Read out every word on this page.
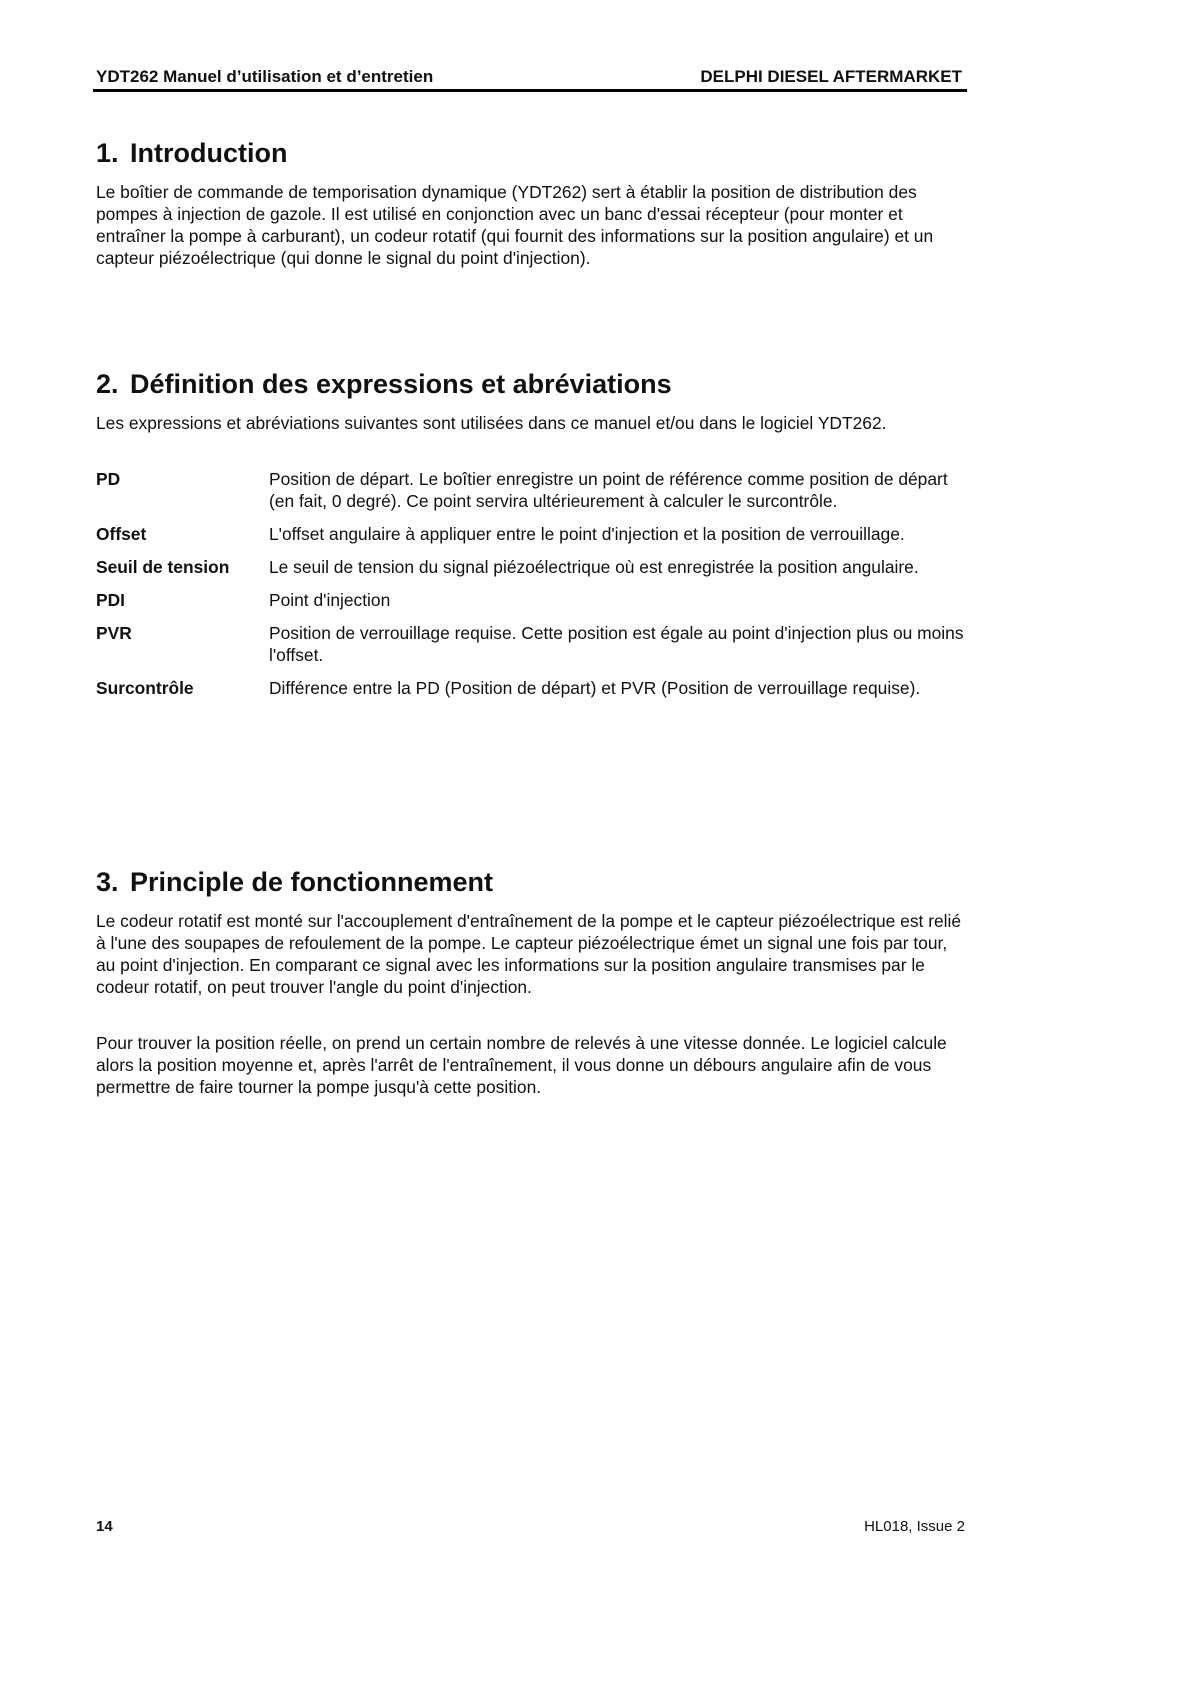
YDT262 Manuel d’utilisation et d’entretien	DELPHI DIESEL AFTERMARKET
1. Introduction

Le boîtier de commande de temporisation dynamique (YDT262) sert à établir la position de distribution des pompes à injection de gazole. Il est utilisé en conjonction avec un banc d'essai récepteur (pour monter et entraîner la pompe à carburant), un codeur rotatif (qui fournit des informations sur la position angulaire) et un capteur piézoélectrique (qui donne le signal du point d'injection).

2. Définition des expressions et abréviations

Les expressions et abréviations suivantes sont utilisées dans ce manuel et/ou dans le logiciel YDT262.

PD	Position de départ. Le boîtier enregistre un point de référence comme position de départ (en fait, 0 degré). Ce point servira ultérieurement à calculer le surcontrôle.
Offset	L'offset angulaire à appliquer entre le point d'injection et la position de verrouillage.
Seuil de tension	Le seuil de tension du signal piézoélectrique où est enregistrée la position angulaire.
PDI	Point d'injection
PVR	Position de verrouillage requise. Cette position est égale au point d'injection plus ou moins l'offset.
Surcontrôle	Différence entre la PD (Position de départ) et PVR (Position de verrouillage requise).
3. Principle de fonctionnement

Le codeur rotatif est monté sur l'accouplement d'entraînement de la pompe et le capteur piézoélectrique est relié à l'une des soupapes de refoulement de la pompe. Le capteur piézoélectrique émet un signal une fois par tour, au point d'injection. En comparant ce signal avec les informations sur la position angulaire transmises par le codeur rotatif, on peut trouver l'angle du point d'injection.

Pour trouver la position réelle, on prend un certain nombre de relevés à une vitesse donnée. Le logiciel calcule alors la position moyenne et, après l'arrêt de l'entraînement, il vous donne un débours angulaire afin de vous permettre de faire tourner la pompe jusqu'à cette position.

14	HL018, Issue 2
